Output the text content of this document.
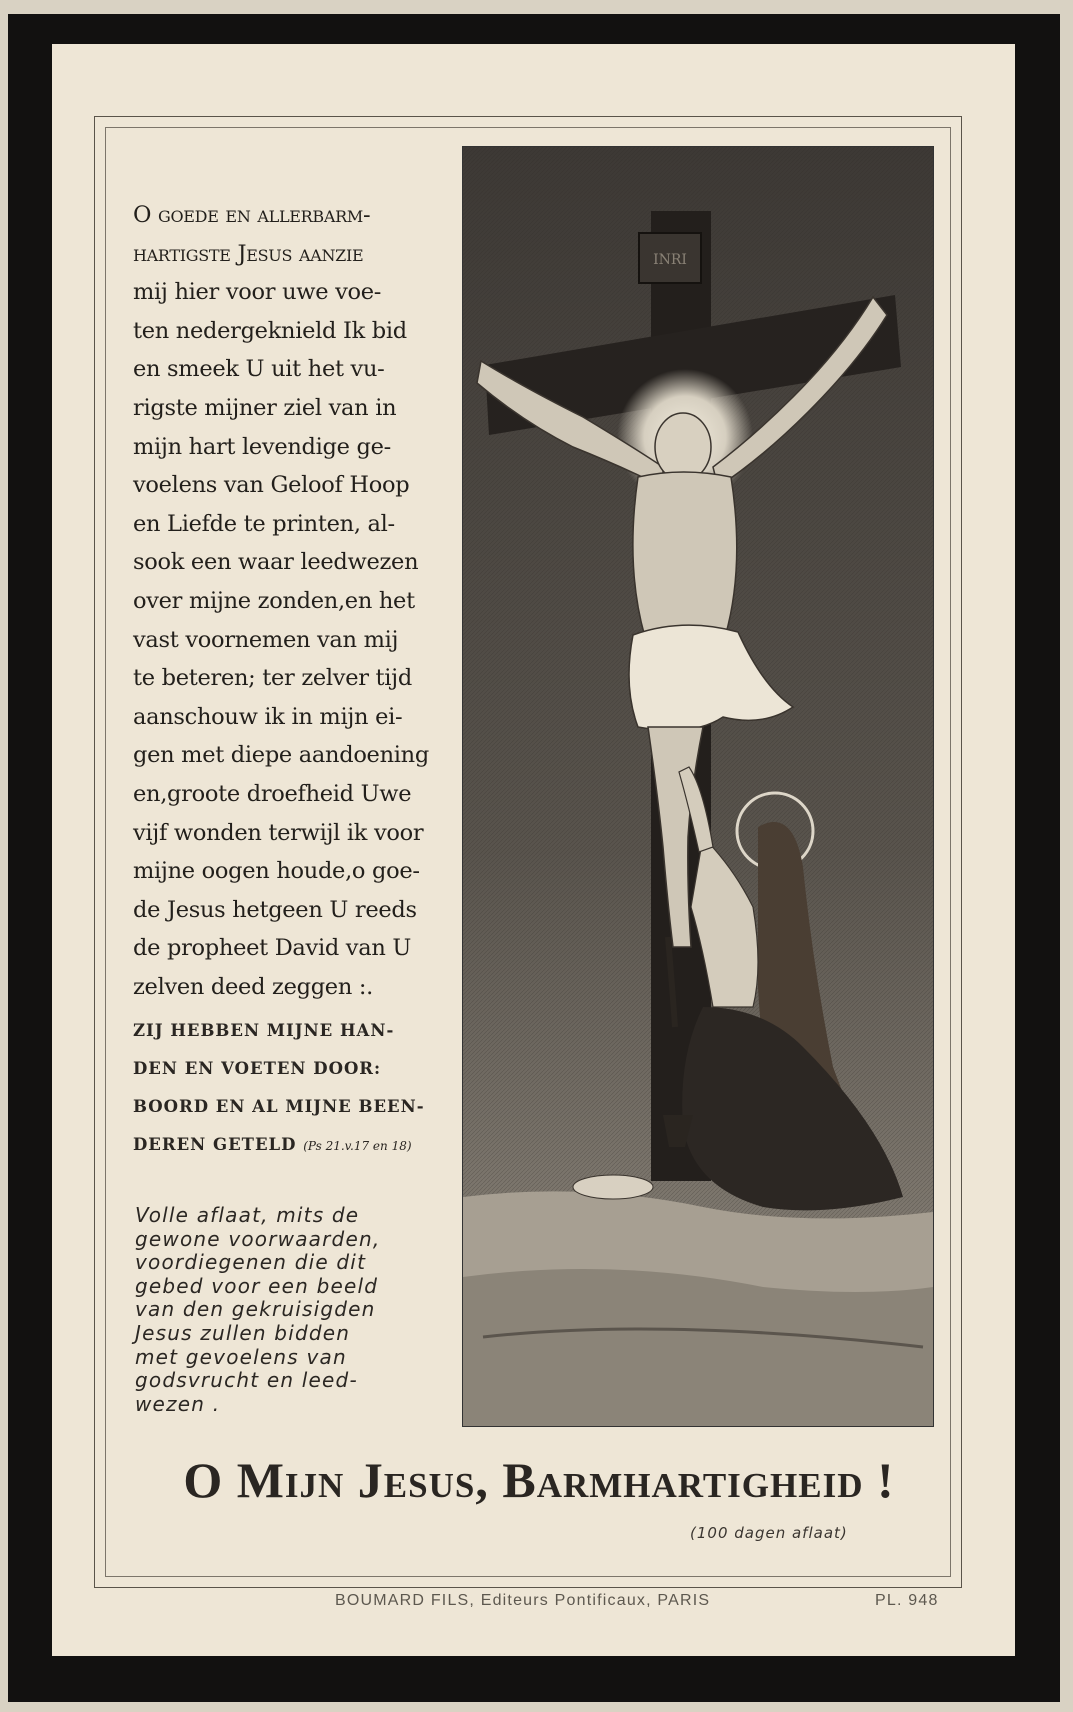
O goede en allerbarm-
hartigste Jesus aanzie
mij hier voor uwe voe-
ten nedergeknield Ik bid
en smeek U uit het vu-
rigste mijner ziel van in
mijn hart levendige ge-
voelens van Geloof Hoop
en Liefde te printen, al-
sook een waar leedwezen
over mijne zonden,en het
vast voornemen van mij
te beteren; ter zelver tijd
aanschouw ik in mijn ei-
gen met diepe aandoening
en,groote droefheid Uwe
vijf wonden terwijl ik voor
mijne oogen houde,o goe-
de Jesus hetgeen U reeds
de propheet David van U
zelven deed zeggen :.
ZIJ HEBBEN MIJNE HAN-
DEN EN VOETEN DOOR:
BOORD EN AL MIJNE BEEN-
DEREN GETELD (Ps 21.v.17 en 18)
Volle aflaat, mits de
gewone voorwaarden,
voordiegenen die dit
gebed voor een beeld
van den gekruisigden
Jesus zullen bidden
met gevoelens van
godsvrucht en leed-
wezen .
INRI
O Mijn Jesus, Barmhartigheid !
(100 dagen aflaat)
BOUMARD FILS, Editeurs Pontificaux, PARIS	PL. 948
